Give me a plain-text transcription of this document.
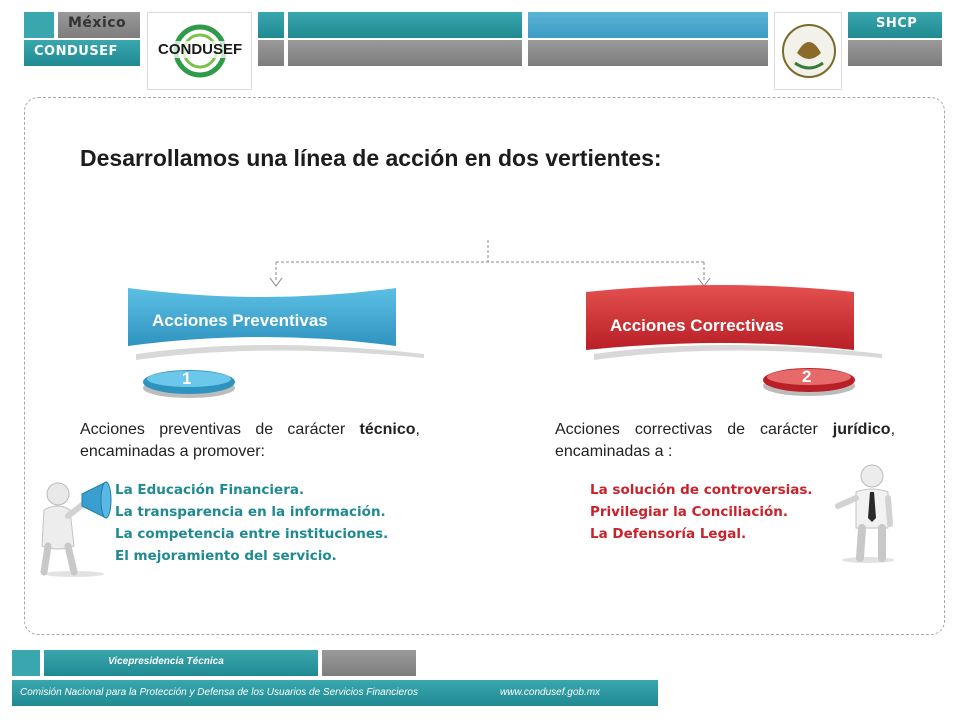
México
CONDUSEF	CONDUSEF
SHCP
Desarrollamos una línea de acción en dos vertientes:
Acciones Preventivas	Acciones Correctivas
1	2
Acciones preventivas de carácter técnico, encaminadas a promover:
Acciones correctivas de carácter jurídico, encaminadas a :
La Educación Financiera.
La transparencia en la información.
La competencia entre instituciones.
El mejoramiento del servicio.
La solución de controversias.
Privilegiar la Conciliación.
La Defensoría Legal.
Vicepresidencia Técnica
Comisión Nacional para la Protección y Defensa de los Usuarios de Servicios Financieros	www.condusef.gob.mx
